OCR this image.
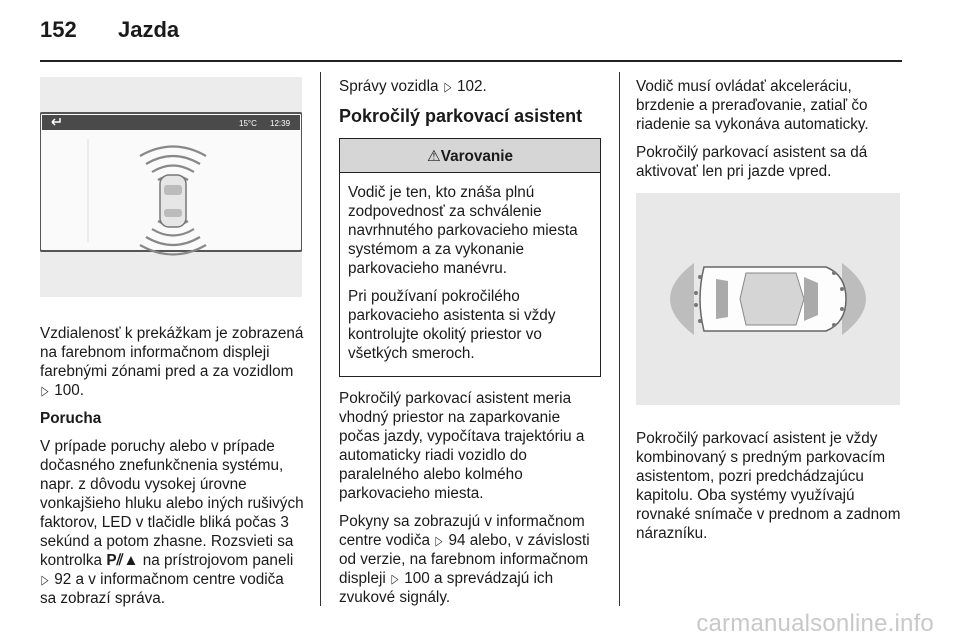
152 Jazda
15°C 12:39

Vzdialenosť k prekážkam je zobrazená na farebnom informačnom displeji farebnými zónami pred a za vozidlom ▷ 100.

Porucha

V prípade poruchy alebo v prípade dočasného znefunkčnenia systému, napr. z dôvodu vysokej úrovne vonkajšieho hluku alebo iných rušivých faktorov, LED v tlačidle bliká počas 3 sekúnd a potom zhasne. Rozsvieti sa kontrolka P⫽▲ na prístrojovom paneli ▷ 92 a v informačnom centre vodiča sa zobrazí správa.

Správy vozidla ▷ 102.

Pokročilý parkovací asistent
⚠Varovanie

Vodič je ten, kto znáša plnú zodpovednosť za schválenie navrhnutého parkovacieho miesta systémom a za vykonanie parkovacieho manévru.

Pri používaní pokročilého parkovacieho asistenta si vždy kontrolujte okolitý priestor vo všetkých smeroch.

Pokročilý parkovací asistent meria vhodný priestor na zaparkovanie počas jazdy, vypočítava trajektóriu a automaticky riadi vozidlo do paralelného alebo kolmého parkovacieho miesta.

Pokyny sa zobrazujú v informačnom centre vodiča ▷ 94 alebo, v závislosti od verzie, na farebnom informačnom displeji ▷ 100 a sprevádzajú ich zvukové signály.

Vodič musí ovládať akceleráciu, brzdenie a preraďovanie, zatiaľ čo riadenie sa vykonáva automaticky.

Pokročilý parkovací asistent sa dá aktivovať len pri jazde vpred.

Pokročilý parkovací asistent je vždy kombinovaný s predným parkovacím asistentom, pozri predchádzajúcu kapitolu. Oba systémy využívajú rovnaké snímače v prednom a zadnom nárazníku.

carmanualsonline.info
